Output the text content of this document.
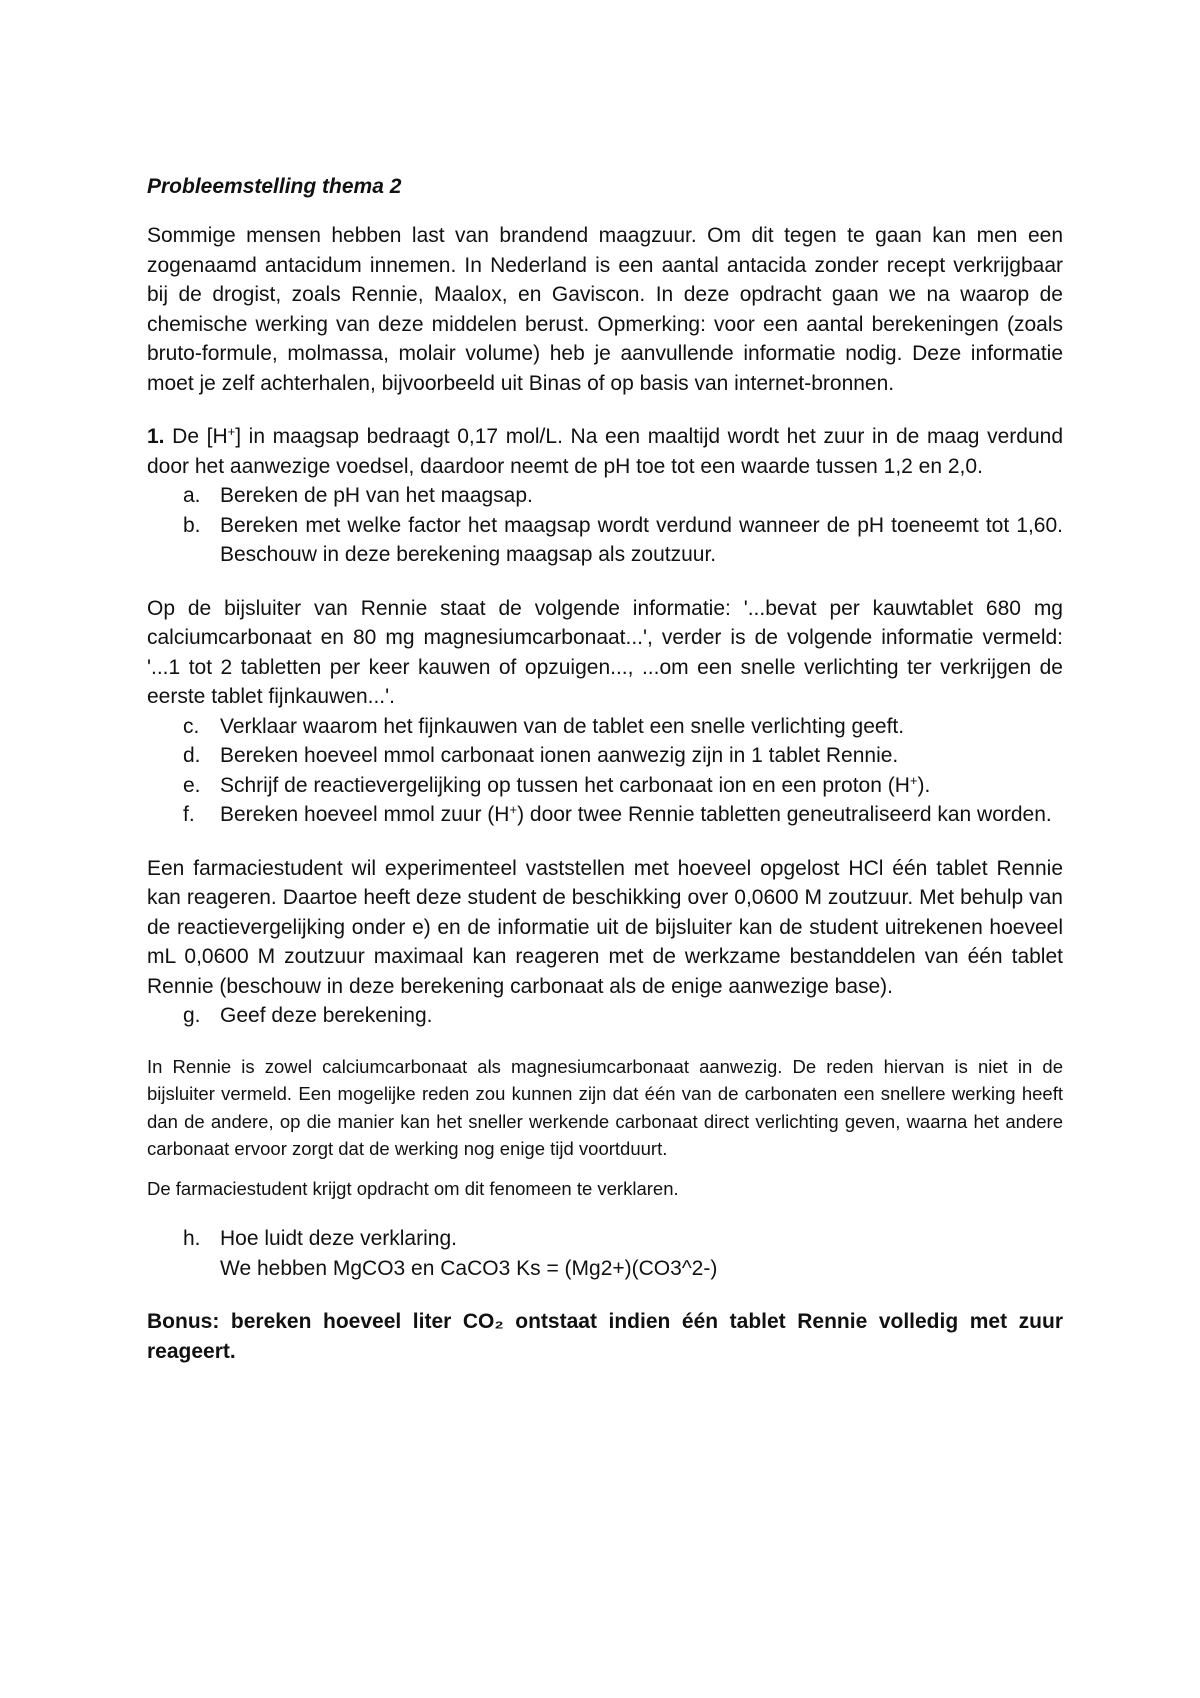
Probleemstelling thema 2

Sommige mensen hebben last van brandend maagzuur. Om dit tegen te gaan kan men een zogenaamd antacidum innemen. In Nederland is een aantal antacida zonder recept verkrijgbaar bij de drogist, zoals Rennie, Maalox, en Gaviscon. In deze opdracht gaan we na waarop de chemische werking van deze middelen berust. Opmerking: voor een aantal berekeningen (zoals bruto-formule, molmassa, molair volume) heb je aanvullende informatie nodig. Deze informatie moet je zelf achterhalen, bijvoorbeeld uit Binas of op basis van internet-bronnen.

1. De [H+] in maagsap bedraagt 0,17 mol/L. Na een maaltijd wordt het zuur in de maag verdund door het aanwezige voedsel, daardoor neemt de pH toe tot een waarde tussen 1,2 en 2,0.

a. Bereken de pH van het maagsap.
b. Bereken met welke factor het maagsap wordt verdund wanneer de pH toeneemt tot 1,60. Beschouw in deze berekening maagsap als zoutzuur.

Op de bijsluiter van Rennie staat de volgende informatie: '...bevat per kauwtablet 680 mg calciumcarbonaat en 80 mg magnesiumcarbonaat...', verder is de volgende informatie vermeld: '...1 tot 2 tabletten per keer kauwen of opzuigen..., ...om een snelle verlichting ter verkrijgen de eerste tablet fijnkauwen...'.

c. Verklaar waarom het fijnkauwen van de tablet een snelle verlichting geeft.
d. Bereken hoeveel mmol carbonaat ionen aanwezig zijn in 1 tablet Rennie.
e. Schrijf de reactievergelijking op tussen het carbonaat ion en een proton (H+).
f. Bereken hoeveel mmol zuur (H+) door twee Rennie tabletten geneutraliseerd kan worden.

Een farmaciestudent wil experimenteel vaststellen met hoeveel opgelost HCl één tablet Rennie kan reageren. Daartoe heeft deze student de beschikking over 0,0600 M zoutzuur. Met behulp van de reactievergelijking onder e) en de informatie uit de bijsluiter kan de student uitrekenen hoeveel mL 0,0600 M zoutzuur maximaal kan reageren met de werkzame bestanddelen van één tablet Rennie (beschouw in deze berekening carbonaat als de enige aanwezige base).

g. Geef deze berekening.

In Rennie is zowel calciumcarbonaat als magnesiumcarbonaat aanwezig. De reden hiervan is niet in de bijsluiter vermeld. Een mogelijke reden zou kunnen zijn dat één van de carbonaten een snellere werking heeft dan de andere, op die manier kan het sneller werkende carbonaat direct verlichting geven, waarna het andere carbonaat ervoor zorgt dat de werking nog enige tijd voortduurt.

De farmaciestudent krijgt opdracht om dit fenomeen te verklaren.

h. Hoe luidt deze verklaring.
We hebben MgCO3 en CaCO3 Ks = (Mg2+)(CO3^2-)

Bonus: bereken hoeveel liter CO₂ ontstaat indien één tablet Rennie volledig met zuur reageert.
